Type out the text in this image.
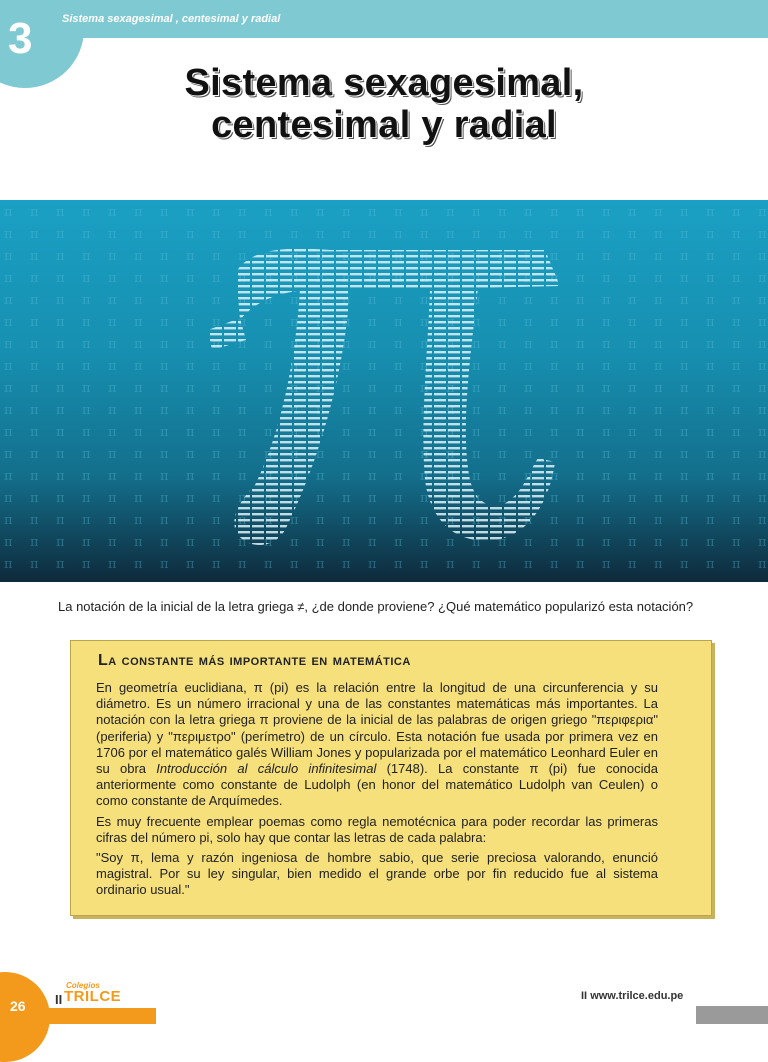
3	Sistema sexagesimal , centesimal y radial
Sistema sexagesimal,
centesimal y radial
La notación de la inicial de la letra griega ≠, ¿de donde proviene? ¿Qué matemático popularizó esta notación?
La constante más importante en matemática

En geometría euclidiana, π (pi) es la relación entre la longitud de una circunferencia y su diámetro. Es un número irracional y una de las constantes matemáticas más importantes. La notación con la letra griega π proviene de la inicial de las palabras de origen griego "περιφερια" (periferia) y "περιμετρο" (perímetro) de un círculo. Esta notación fue usada por primera vez en 1706 por el matemático galés William Jones y popularizada por el matemático Leonhard Euler en su obra Introducción al cálculo infinitesimal (1748). La constante π (pi) fue conocida anteriormente como constante de Ludolph (en honor del matemático Ludolph van Ceulen) o como constante de Arquímedes.

Es muy frecuente emplear poemas como regla nemotécnica para poder recordar las primeras cifras del número pi, solo hay que contar las letras de cada palabra:

"Soy π, lema y razón ingeniosa de hombre sabio, que serie preciosa valorando, enunció magistral. Por su ley singular, bien medido el grande orbe por fin reducido fue al sistema ordinario usual."

26
Colegios
II TRILCE	II www.trilce.edu.pe
